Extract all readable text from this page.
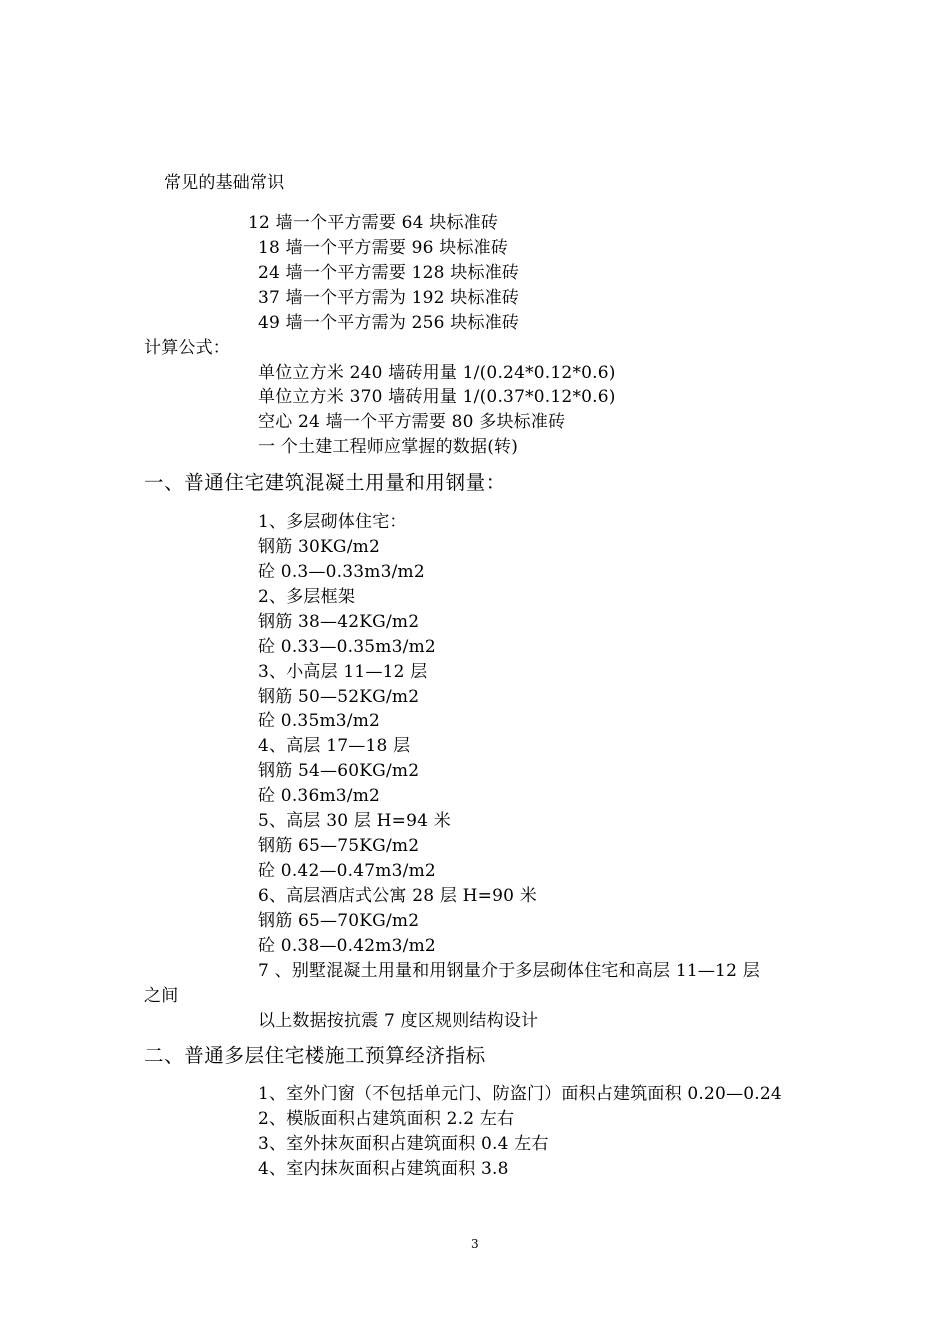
常见的基础常识
12 墙一个平方需要 64 块标准砖
18 墙一个平方需要 96 块标准砖
24 墙一个平方需要 128 块标准砖
37 墙一个平方需为 192 块标准砖
49 墙一个平方需为 256 块标准砖
计算公式：
单位立方米 240 墙砖用量 1/(0.24*0.12*0.6)
单位立方米 370 墙砖用量 1/(0.37*0.12*0.6)
空心 24 墙一个平方需要 80 多块标准砖
一 个土建工程师应掌握的数据(转)
一、普通住宅建筑混凝土用量和用钢量：
1、多层砌体住宅：
钢筋 30KG/m2
砼 0.3—0.33m3/m2
2、多层框架
钢筋 38—42KG/m2
砼 0.33—0.35m3/m2
3、小高层 11—12 层
钢筋 50—52KG/m2
砼 0.35m3/m2
4、高层 17—18 层
钢筋 54—60KG/m2
砼 0.36m3/m2
5、高层 30 层 H=94 米
钢筋 65—75KG/m2
砼 0.42—0.47m3/m2
6、高层酒店式公寓 28 层 H=90 米
钢筋 65—70KG/m2
砼 0.38—0.42m3/m2
7 、别墅混凝土用量和用钢量介于多层砌体住宅和高层 11—12 层
之间
以上数据按抗震 7 度区规则结构设计
二、普通多层住宅楼施工预算经济指标
1、室外门窗（不包括单元门、防盗门）面积占建筑面积 0.20—0.24
2、模版面积占建筑面积 2.2 左右
3、室外抹灰面积占建筑面积 0.4 左右
4、室内抹灰面积占建筑面积 3.8
3
